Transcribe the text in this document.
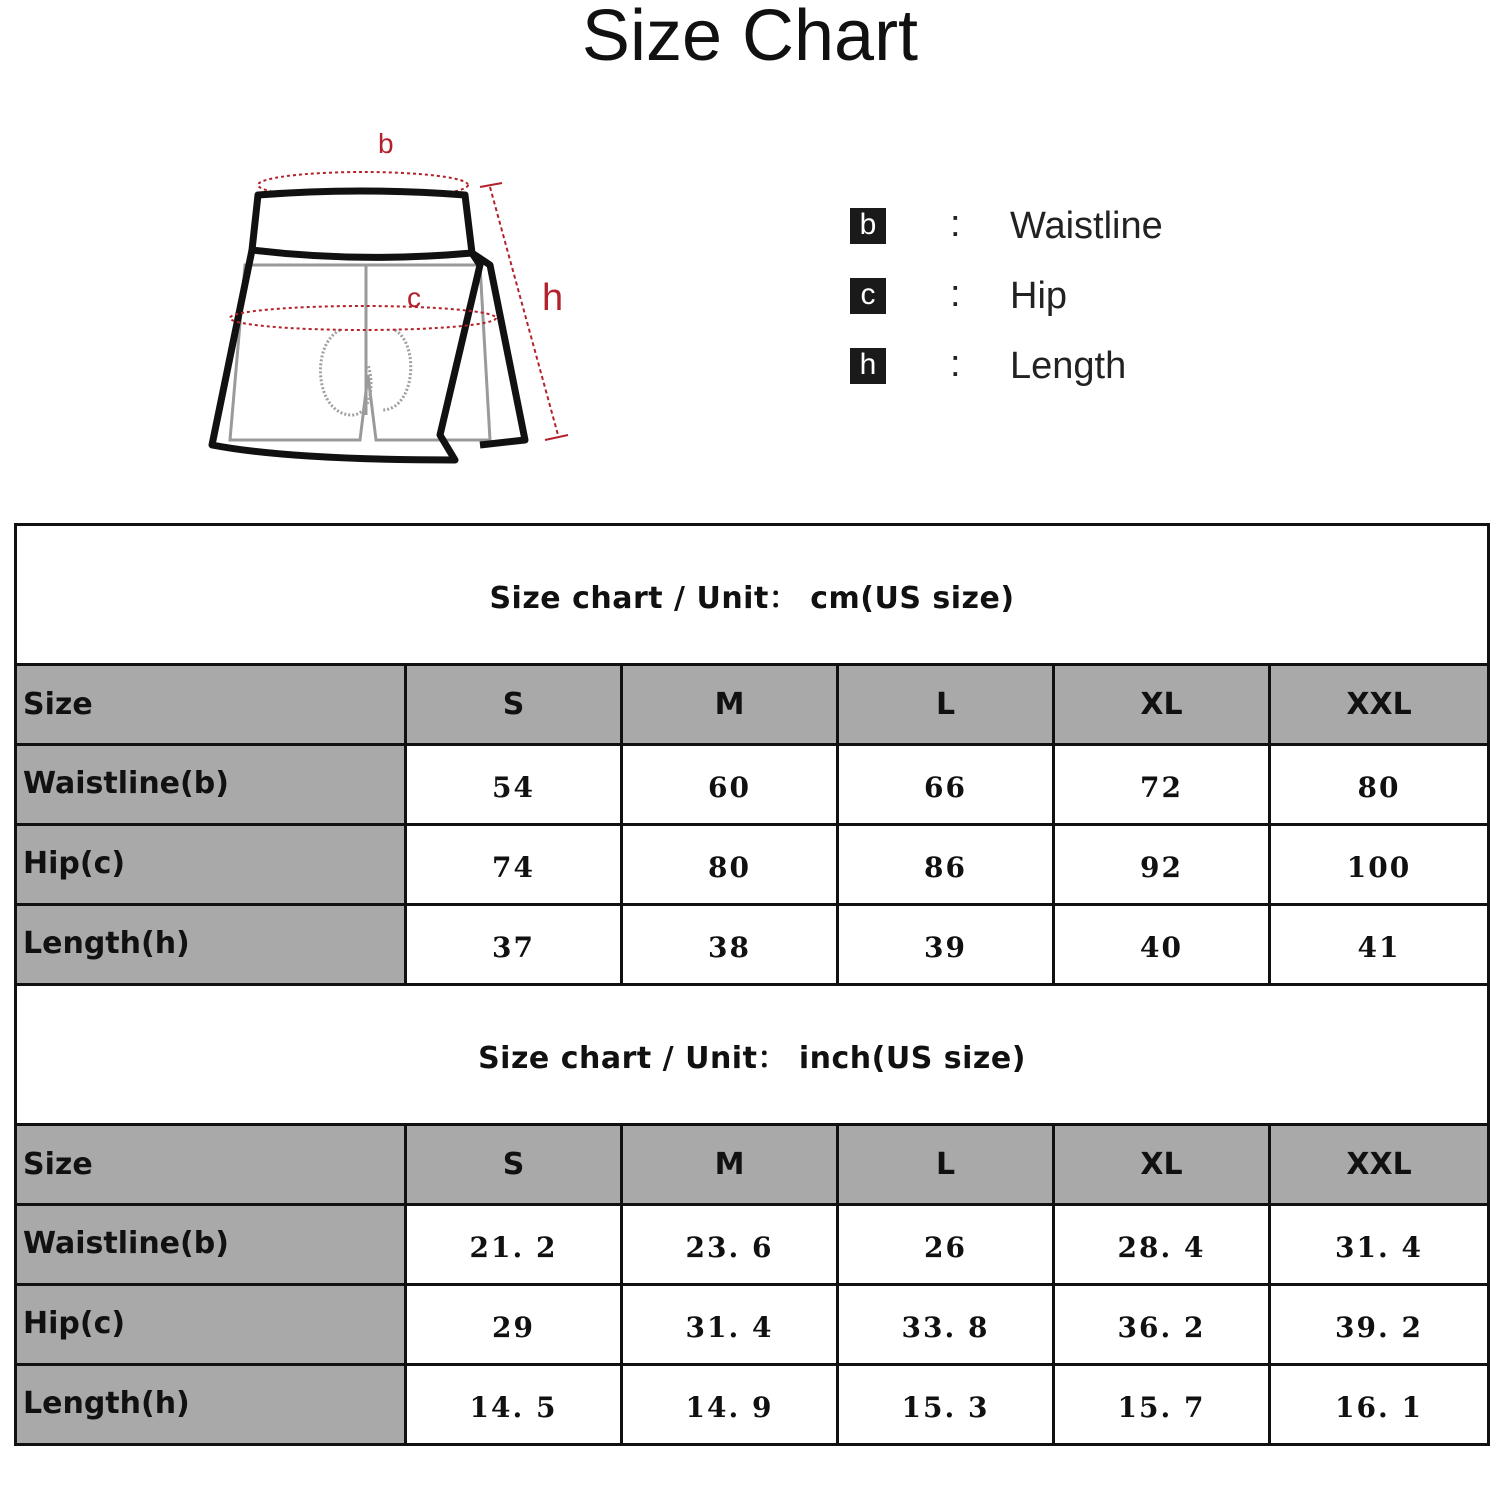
Size Chart
b
c	h
b : Waistline
c : Hip
h : Length
Size chart / Unit： cm(US size)					
Size	S	M	L	XL	XXL
Waistline(b)	54	60	66	72	80
Hip(c)	74	80	86	92	100
Length(h)	37	38	39	40	41
Size chart / Unit： inch(US size)					
Size	S	M	L	XL	XXL
Waistline(b)	21. 2	23. 6	26	28. 4	31. 4
Hip(c)	29	31. 4	33. 8	36. 2	39. 2
Length(h)	14. 5	14. 9	15. 3	15. 7	16. 1
